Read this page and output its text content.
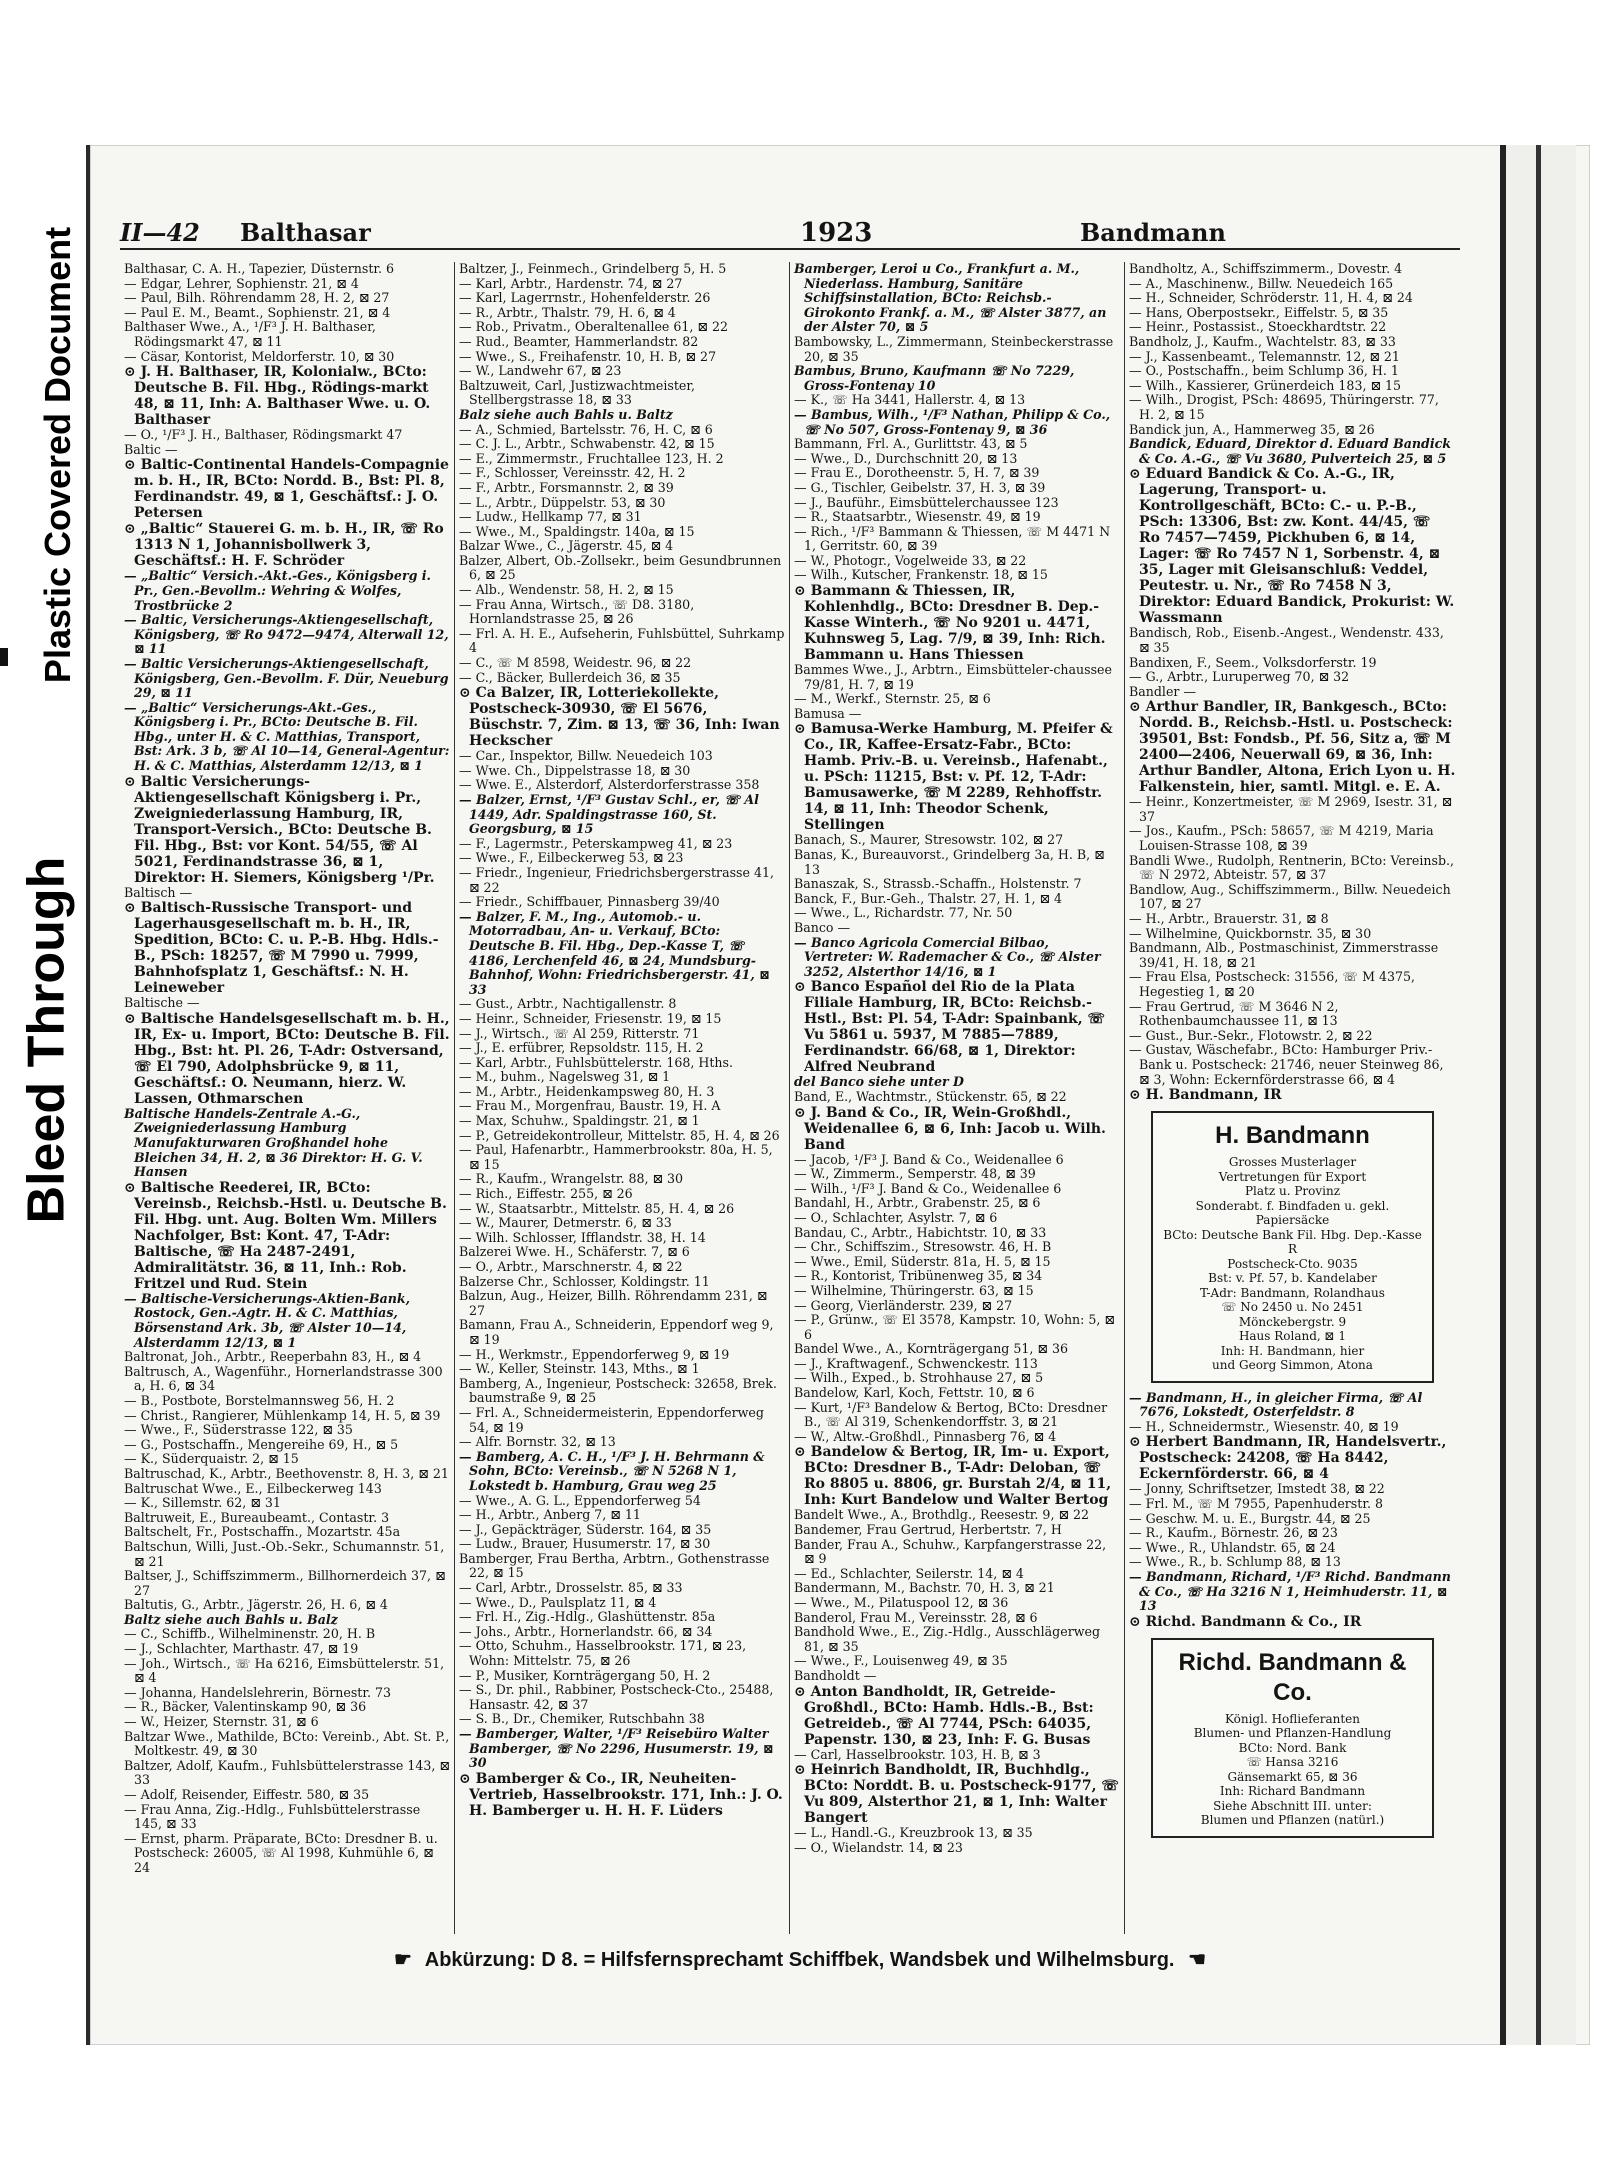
Bleed Through
Plastic Covered Document II—42 Balthasar	1923	Bandmann

Balthasar, C. A. H., Tapezier, Düsternstr. 6

— Edgar, Lehrer, Sophienstr. 21, ⊠ 4

— Paul, Bilh. Röhrendamm 28, H. 2, ⊠ 27

— Paul E. M., Beamt., Sophienstr. 21, ⊠ 4

Balthaser Wwe., A., ¹/F³ J. H. Balthaser, Rödingsmarkt 47, ⊠ 11

— Cäsar, Kontorist, Meldorferstr. 10, ⊠ 30

⊙ J. H. Balthaser, IR, Kolonialw., BCto: Deutsche B. Fil. Hbg., Rödings-markt 48, ⊠ 11, Inh: A. Balthaser Wwe. u. O. Balthaser

— O., ¹/F³ J. H., Balthaser, Rödingsmarkt 47

Baltic —

⊙ Baltic-Continental Handels-Compagnie m. b. H., IR, BCto: Nordd. B., Bst: Pl. 8, Ferdinandstr. 49, ⊠ 1, Geschäftsf.: J. O. Petersen

⊙ „Baltic“ Stauerei G. m. b. H., IR, ☏ Ro 1313 N 1, Johannisbollwerk 3, Geschäftsf.: H. F. Schröder

— „Baltic“ Versich.-Akt.-Ges., Königsberg i. Pr., Gen.-Bevollm.: Wehring & Wolfes, Trostbrücke 2

— Baltic, Versicherungs-Aktiengesellschaft, Königsberg, ☏ Ro 9472—9474, Alterwall 12, ⊠ 11

— Baltic Versicherungs-Aktiengesellschaft, Königsberg, Gen.-Bevollm. F. Dür, Neueburg 29, ⊠ 11

— „Baltic“ Versicherungs-Akt.-Ges., Königsberg i. Pr., BCto: Deutsche B. Fil. Hbg., unter H. & C. Matthias, Transport, Bst: Ark. 3 b, ☏ Al 10—14, General-Agentur: H. & C. Matthias, Alsterdamm 12/13, ⊠ 1

⊙ Baltic Versicherungs-Aktiengesellschaft Königsberg i. Pr., Zweigniederlassung Hamburg, IR, Transport-Versich., BCto: Deutsche B. Fil. Hbg., Bst: vor Kont. 54/55, ☏ Al 5021, Ferdinandstrasse 36, ⊠ 1, Direktor: H. Siemers, Königsberg ¹/Pr.

Baltisch —

⊙ Baltisch-Russische Transport- und Lagerhausgesellschaft m. b. H., IR, Spedition, BCto: C. u. P.-B. Hbg. Hdls.-B., PSch: 18257, ☏ M 7990 u. 7999, Bahnhofsplatz 1, Geschäftsf.: N. H. Leineweber

Baltische —

⊙ Baltische Handelsgesellschaft m. b. H., IR, Ex- u. Import, BCto: Deutsche B. Fil. Hbg., Bst: ht. Pl. 26, T-Adr: Ostversand, ☏ El 790, Adolphsbrücke 9, ⊠ 11, Geschäftsf.: O. Neumann, hierz. W. Lassen, Othmarschen

Baltische Handels-Zentrale A.-G., Zweigniederlassung Hamburg Manufakturwaren Großhandel hohe Bleichen 34, H. 2, ⊠ 36 Direktor: H. G. V. Hansen

⊙ Baltische Reederei, IR, BCto: Vereinsb., Reichsb.-Hstl. u. Deutsche B. Fil. Hbg. unt. Aug. Bolten Wm. Millers Nachfolger, Bst: Kont. 47, T-Adr: Baltische, ☏ Ha 2487-2491, Admiralitätstr. 36, ⊠ 11, Inh.: Rob. Fritzel und Rud. Stein

— Baltische-Versicherungs-Aktien-Bank, Rostock, Gen.-Agtr. H. & C. Matthias, Börsenstand Ark. 3b, ☏ Alster 10—14, Alsterdamm 12/13, ⊠ 1

Baltronat, Joh., Arbtr., Reeperbahn 83, H., ⊠ 4

Baltrusch, A., Wagenführ., Hornerlandstrasse 300 a, H. 6, ⊠ 34

— B., Postbote, Borstelmannsweg 56, H. 2

— Christ., Rangierer, Mühlenkamp 14, H. 5, ⊠ 39

— Wwe., F., Süderstrasse 122, ⊠ 35

— G., Postschaffn., Mengereihe 69, H., ⊠ 5

— K., Süderquaistr. 2, ⊠ 15

Baltruschad, K., Arbtr., Beethovenstr. 8, H. 3, ⊠ 21

Baltruschat Wwe., E., Eilbeckerweg 143

— K., Sillemstr. 62, ⊠ 31

Baltruweit, E., Bureaubeamt., Contastr. 3

Baltschelt, Fr., Postschaffn., Mozartstr. 45a

Baltschun, Willi, Just.-Ob.-Sekr., Schumannstr. 51, ⊠ 21

Baltser, J., Schiffszimmerm., Billhornerdeich 37, ⊠ 27

Baltutis, G., Arbtr., Jägerstr. 26, H. 6, ⊠ 4

Baltz siehe auch Bahls u. Balz

— C., Schiffb., Wilhelminenstr. 20, H. B

— J., Schlachter, Marthastr. 47, ⊠ 19

— Joh., Wirtsch., ☏ Ha 6216, Eimsbüttelerstr. 51, ⊠ 4

— Johanna, Handelslehrerin, Börnestr. 73

— R., Bäcker, Valentinskamp 90, ⊠ 36

— W., Heizer, Sternstr. 31, ⊠ 6

Baltzar Wwe., Mathilde, BCto: Vereinb., Abt. St. P., Moltkestr. 49, ⊠ 30

Baltzer, Adolf, Kaufm., Fuhlsbüttelerstrasse 143, ⊠ 33

— Adolf, Reisender, Eiffestr. 580, ⊠ 35

— Frau Anna, Zig.-Hdlg., Fuhlsbüttelerstrasse 145, ⊠ 33

— Ernst, pharm. Präparate, BCto: Dresdner B. u. Postscheck: 26005, ☏ Al 1998, Kuhmühle 6, ⊠ 24

Baltzer, J., Feinmech., Grindelberg 5, H. 5

— Karl, Arbtr., Hardenstr. 74, ⊠ 27

— Karl, Lagerrnstr., Hohenfelderstr. 26

— R., Arbtr., Thalstr. 79, H. 6, ⊠ 4

— Rob., Privatm., Oberaltenallee 61, ⊠ 22

— Rud., Beamter, Hammerlandstr. 82

— Wwe., S., Freihafenstr. 10, H. B, ⊠ 27

— W., Landwehr 67, ⊠ 23

Baltzuweit, Carl, Justizwachtmeister, Stellbergstrasse 18, ⊠ 33

Balz siehe auch Bahls u. Baltz

— A., Schmied, Bartelsstr. 76, H. C, ⊠ 6

— C. J. L., Arbtr., Schwabenstr. 42, ⊠ 15

— E., Zimmermstr., Fruchtallee 123, H. 2

— F., Schlosser, Vereinsstr. 42, H. 2

— F., Arbtr., Forsmannstr. 2, ⊠ 39

— L., Arbtr., Düppelstr. 53, ⊠ 30

— Ludw., Hellkamp 77, ⊠ 31

— Wwe., M., Spaldingstr. 140a, ⊠ 15

Balzar Wwe., C., Jägerstr. 45, ⊠ 4

Balzer, Albert, Ob.-Zollsekr., beim Gesundbrunnen 6, ⊠ 25

— Alb., Wendenstr. 58, H. 2, ⊠ 15

— Frau Anna, Wirtsch., ☏ D8. 3180, Hornlandstrasse 25, ⊠ 26

— Frl. A. H. E., Aufseherin, Fuhlsbüttel, Suhrkamp 4

— C., ☏ M 8598, Weidestr. 96, ⊠ 22

— C., Bäcker, Bullerdeich 36, ⊠ 35

⊙ Ca Balzer, IR, Lotteriekollekte, Postscheck-30930, ☏ El 5676, Büschstr. 7, Zim. ⊠ 13, ☏ 36, Inh: Iwan Heckscher

— Car., Inspektor, Billw. Neuedeich 103

— Wwe. Ch., Dippelstrasse 18, ⊠ 30

— Wwe. E., Alsterdorf, Alsterdorferstrasse 358

— Balzer, Ernst, ¹/F³ Gustav Schl., er, ☏ Al 1449, Adr. Spaldingstrasse 160, St. Georgsburg, ⊠ 15

— F., Lagermstr., Peterskampweg 41, ⊠ 23

— Wwe., F., Eilbeckerweg 53, ⊠ 23

— Friedr., Ingenieur, Friedrichsbergerstrasse 41, ⊠ 22

— Friedr., Schiffbauer, Pinnasberg 39/40

— Balzer, F. M., Ing., Automob.- u. Motorradbau, An- u. Verkauf, BCto: Deutsche B. Fil. Hbg., Dep.-Kasse T, ☏ 4186, Lerchenfeld 46, ⊠ 24, Mundsburg-Bahnhof, Wohn: Friedrichsbergerstr. 41, ⊠ 33

— Gust., Arbtr., Nachtigallenstr. 8

— Heinr., Schneider, Friesenstr. 19, ⊠ 15

— J., Wirtsch., ☏ Al 259, Ritterstr. 71

— J., E. erfübrer, Repsoldstr. 115, H. 2

— Karl, Arbtr., Fuhlsbüttelerstr. 168, Hths.

— M., buhm., Nagelsweg 31, ⊠ 1

— M., Arbtr., Heidenkampsweg 80, H. 3

— Frau M., Morgenfrau, Baustr. 19, H. A

— Max, Schuhw., Spaldingstr. 21, ⊠ 1

— P., Getreidekontrolleur, Mittelstr. 85, H. 4, ⊠ 26

— Paul, Hafenarbtr., Hammerbrookstr. 80a, H. 5, ⊠ 15

— R., Kaufm., Wrangelstr. 88, ⊠ 30

— Rich., Eiffestr. 255, ⊠ 26

— W., Staatsarbtr., Mittelstr. 85, H. 4, ⊠ 26

— W., Maurer, Detmerstr. 6, ⊠ 33

— Wilh. Schlosser, Ifflandstr. 38, H. 14

Balzerei Wwe. H., Schäferstr. 7, ⊠ 6

— O., Arbtr., Marschnerstr. 4, ⊠ 22

Balzerse Chr., Schlosser, Koldingstr. 11

Balzun, Aug., Heizer, Billh. Röhrendamm 231, ⊠ 27

Bamann, Frau A., Schneiderin, Eppendorf weg 9, ⊠ 19

— H., Werkmstr., Eppendorferweg 9, ⊠ 19

— W., Keller, Steinstr. 143, Mths., ⊠ 1

Bamberg, A., Ingenieur, Postscheck: 32658, Brek. baumstraße 9, ⊠ 25

— Frl. A., Schneidermeisterin, Eppendorferweg 54, ⊠ 19

— Alfr. Bornstr. 32, ⊠ 13

— Bamberg, A. C. H., ¹/F³ J. H. Behrmann & Sohn, BCto: Vereinsb., ☏ N 5268 N 1, Lokstedt b. Hamburg, Grau weg 25

— Wwe., A. G. L., Eppendorferweg 54

— H., Arbtr., Anberg 7, ⊠ 11

— J., Gepäckträger, Süderstr. 164, ⊠ 35

— Ludw., Brauer, Husumerstr. 17, ⊠ 30

Bamberger, Frau Bertha, Arbtrn., Gothenstrasse 22, ⊠ 15

— Carl, Arbtr., Drosselstr. 85, ⊠ 33

— Wwe., D., Paulsplatz 11, ⊠ 4

— Frl. H., Zig.-Hdlg., Glashüttenstr. 85a

— Johs., Arbtr., Hornerlandstr. 66, ⊠ 34

— Otto, Schuhm., Hasselbrookstr. 171, ⊠ 23, Wohn: Mittelstr. 75, ⊠ 26

— P., Musiker, Kornträgergang 50, H. 2

— S., Dr. phil., Rabbiner, Postscheck-Cto., 25488, Hansastr. 42, ⊠ 37

— S. B., Dr., Chemiker, Rutschbahn 38

— Bamberger, Walter, ¹/F³ Reisebüro Walter Bamberger, ☏ No 2296, Husumerstr. 19, ⊠ 30

⊙ Bamberger & Co., IR, Neuheiten-Vertrieb, Hasselbrookstr. 171, Inh.: J. O. H. Bamberger u. H. H. F. Lüders

Bamberger, Leroi u Co., Frankfurt a. M., Niederlass. Hamburg, Sanitäre Schiffsinstallation, BCto: Reichsb.-Girokonto Frankf. a. M., ☏ Alster 3877, an der Alster 70, ⊠ 5

Bambowsky, L., Zimmermann, Steinbeckerstrasse 20, ⊠ 35

Bambus, Bruno, Kaufmann ☏ No 7229, Gross-Fontenay 10

— K., ☏ Ha 3441, Hallerstr. 4, ⊠ 13

— Bambus, Wilh., ¹/F³ Nathan, Philipp & Co., ☏ No 507, Gross-Fontenay 9, ⊠ 36

Bammann, Frl. A., Gurlittstr. 43, ⊠ 5

— Wwe., D., Durchschnitt 20, ⊠ 13

— Frau E., Dorotheenstr. 5, H. 7, ⊠ 39

— G., Tischler, Geibelstr. 37, H. 3, ⊠ 39

— J., Bauführ., Eimsbüttelerchaussee 123

— R., Staatsarbtr., Wiesenstr. 49, ⊠ 19

— Rich., ¹/F³ Bammann & Thiessen, ☏ M 4471 N 1, Gerritstr. 60, ⊠ 39

— W., Photogr., Vogelweide 33, ⊠ 22

— Wilh., Kutscher, Frankenstr. 18, ⊠ 15

⊙ Bammann & Thiessen, IR, Kohlenhdlg., BCto: Dresdner B. Dep.-Kasse Winterh., ☏ No 9201 u. 4471, Kuhnsweg 5, Lag. 7/9, ⊠ 39, Inh: Rich. Bammann u. Hans Thiessen

Bammes Wwe., J., Arbtrn., Eimsbütteler-chaussee 79/81, H. 7, ⊠ 19

— M., Werkf., Sternstr. 25, ⊠ 6

Bamusa —

⊙ Bamusa-Werke Hamburg, M. Pfeifer & Co., IR, Kaffee-Ersatz-Fabr., BCto: Hamb. Priv.-B. u. Vereinsb., Hafenabt., u. PSch: 11215, Bst: v. Pf. 12, T-Adr: Bamusawerke, ☏ M 2289, Rehhoffstr. 14, ⊠ 11, Inh: Theodor Schenk, Stellingen

Banach, S., Maurer, Stresowstr. 102, ⊠ 27

Banas, K., Bureauvorst., Grindelberg 3a, H. B, ⊠ 13

Banaszak, S., Strassb.-Schaffn., Holstenstr. 7

Banck, F., Bur.-Geh., Thalstr. 27, H. 1, ⊠ 4

— Wwe., L., Richardstr. 77, Nr. 50

Banco —

— Banco Agricola Comercial Bilbao, Vertreter: W. Rademacher & Co., ☏ Alster 3252, Alsterthor 14/16, ⊠ 1

⊙ Banco Español del Rio de la Plata Filiale Hamburg, IR, BCto: Reichsb.-Hstl., Bst: Pl. 54, T-Adr: Spainbank, ☏ Vu 5861 u. 5937, M 7885—7889, Ferdinandstr. 66/68, ⊠ 1, Direktor: Alfred Neubrand

del Banco siehe unter D

Band, E., Wachtmstr., Stückenstr. 65, ⊠ 22

⊙ J. Band & Co., IR, Wein-Großhdl., Weidenallee 6, ⊠ 6, Inh: Jacob u. Wilh. Band

— Jacob, ¹/F³ J. Band & Co., Weidenallee 6

— W., Zimmerm., Semperstr. 48, ⊠ 39

— Wilh., ¹/F³ J. Band & Co., Weidenallee 6

Bandahl, H., Arbtr., Grabenstr. 25, ⊠ 6

— O., Schlachter, Asylstr. 7, ⊠ 6

Bandau, C., Arbtr., Habichtstr. 10, ⊠ 33

— Chr., Schiffszim., Stresowstr. 46, H. B

— Wwe., Emil, Süderstr. 81a, H. 5, ⊠ 15

— R., Kontorist, Tribünenweg 35, ⊠ 34

— Wilhelmine, Thüringerstr. 63, ⊠ 15

— Georg, Vierländerstr. 239, ⊠ 27

— P., Grünw., ☏ El 3578, Kampstr. 10, Wohn: 5, ⊠ 6

Bandel Wwe., A., Kornträgergang 51, ⊠ 36

— J., Kraftwagenf., Schwenckestr. 113

— Wilh., Exped., b. Strohhause 27, ⊠ 5

Bandelow, Karl, Koch, Fettstr. 10, ⊠ 6

— Kurt, ¹/F³ Bandelow & Bertog, BCto: Dresdner B., ☏ Al 319, Schenkendorffstr. 3, ⊠ 21

— W., Altw.-Großhdl., Pinnasberg 76, ⊠ 4

⊙ Bandelow & Bertog, IR, Im- u. Export, BCto: Dresdner B., T-Adr: Deloban, ☏ Ro 8805 u. 8806, gr. Burstah 2/4, ⊠ 11, Inh: Kurt Bandelow und Walter Bertog

Bandelt Wwe., A., Brothdlg., Reesestr. 9, ⊠ 22

Bandemer, Frau Gertrud, Herbertstr. 7, H

Bander, Frau A., Schuhw., Karpfangerstrasse 22, ⊠ 9

— Ed., Schlachter, Seilerstr. 14, ⊠ 4

Bandermann, M., Bachstr. 70, H. 3, ⊠ 21

— Wwe., M., Pilatuspool 12, ⊠ 36

Banderol, Frau M., Vereinsstr. 28, ⊠ 6

Bandhold Wwe., E., Zig.-Hdlg., Ausschlägerweg 81, ⊠ 35

— Wwe., F., Louisenweg 49, ⊠ 35

Bandholdt —

⊙ Anton Bandholdt, IR, Getreide-Großhdl., BCto: Hamb. Hdls.-B., Bst: Getreideb., ☏ Al 7744, PSch: 64035, Papenstr. 130, ⊠ 23, Inh: F. G. Busas

— Carl, Hasselbrookstr. 103, H. B, ⊠ 3

⊙ Heinrich Bandholdt, IR, Buchhdlg., BCto: Norddt. B. u. Postscheck-9177, ☏ Vu 809, Alsterthor 21, ⊠ 1, Inh: Walter Bangert

— L., Handl.-G., Kreuzbrook 13, ⊠ 35

— O., Wielandstr. 14, ⊠ 23

Bandholtz, A., Schiffszimmerm., Dovestr. 4

— A., Maschinenw., Billw. Neuedeich 165

— H., Schneider, Schröderstr. 11, H. 4, ⊠ 24

— Hans, Oberpostsekr., Eiffelstr. 5, ⊠ 35

— Heinr., Postassist., Stoeckhardtstr. 22

Bandholz, J., Kaufm., Wachtelstr. 83, ⊠ 33

— J., Kassenbeamt., Telemannstr. 12, ⊠ 21

— O., Postschaffn., beim Schlump 36, H. 1

— Wilh., Kassierer, Grünerdeich 183, ⊠ 15

— Wilh., Drogist, PSch: 48695, Thüringerstr. 77, H. 2, ⊠ 15

Bandick jun, A., Hammerweg 35, ⊠ 26

Bandick, Eduard, Direktor d. Eduard Bandick & Co. A.-G., ☏ Vu 3680, Pulverteich 25, ⊠ 5

⊙ Eduard Bandick & Co. A.-G., IR, Lagerung, Transport- u. Kontrollgeschäft, BCto: C.- u. P.-B., PSch: 13306, Bst: zw. Kont. 44/45, ☏ Ro 7457—7459, Pickhuben 6, ⊠ 14, Lager: ☏ Ro 7457 N 1, Sorbenstr. 4, ⊠ 35, Lager mit Gleisanschluß: Veddel, Peutestr. u. Nr., ☏ Ro 7458 N 3, Direktor: Eduard Bandick, Prokurist: W. Wassmann

Bandisch, Rob., Eisenb.-Angest., Wendenstr. 433, ⊠ 35

Bandixen, F., Seem., Volksdorferstr. 19

— G., Arbtr., Luruperweg 70, ⊠ 32

Bandler —

⊙ Arthur Bandler, IR, Bankgesch., BCto: Nordd. B., Reichsb.-Hstl. u. Postscheck: 39501, Bst: Fondsb., Pf. 56, Sitz a, ☏ M 2400—2406, Neuerwall 69, ⊠ 36, Inh: Arthur Bandler, Altona, Erich Lyon u. H. Falkenstein, hier, samtl. Mitgl. e. E. A.

— Heinr., Konzertmeister, ☏ M 2969, Isestr. 31, ⊠ 37

— Jos., Kaufm., PSch: 58657, ☏ M 4219, Maria Louisen-Strasse 108, ⊠ 39

Bandli Wwe., Rudolph, Rentnerin, BCto: Vereinsb., ☏ N 2972, Abteistr. 57, ⊠ 37

Bandlow, Aug., Schiffszimmerm., Billw. Neuedeich 107, ⊠ 27

— H., Arbtr., Brauerstr. 31, ⊠ 8

— Wilhelmine, Quickbornstr. 35, ⊠ 30

Bandmann, Alb., Postmaschinist, Zimmerstrasse 39/41, H. 18, ⊠ 21

— Frau Elsa, Postscheck: 31556, ☏ M 4375, Hegestieg 1, ⊠ 20

— Frau Gertrud, ☏ M 3646 N 2, Rothenbaumchaussee 11, ⊠ 13

— Gust., Bur.-Sekr., Flotowstr. 2, ⊠ 22

— Gustav, Wäschefabr., BCto: Hamburger Priv.-Bank u. Postscheck: 21746, neuer Steinweg 86, ⊠ 3, Wohn: Eckernförderstrasse 66, ⊠ 4

⊙ H. Bandmann, IR

H. Bandmann
Grosses Musterlager
Vertretungen für Export
Platz u. Provinz
Sonderabt. f. Bindfaden u. gekl. Papiersäcke
BCto: Deutsche Bank Fil. Hbg. Dep.-Kasse R
Postscheck-Cto. 9035
Bst: v. Pf. 57, b. Kandelaber
T-Adr: Bandmann, Rolandhaus
☏ No 2450 u. No 2451
Mönckebergstr. 9
Haus Roland, ⊠ 1
Inh: H. Bandmann, hier
und Georg Simmon, Atona

— Bandmann, H., in gleicher Firma, ☏ Al 7676, Lokstedt, Osterfeldstr. 8

— H., Schneidermstr., Wiesenstr. 40, ⊠ 19

⊙ Herbert Bandmann, IR, Handelsvertr., Postscheck: 24208, ☏ Ha 8442, Eckernförderstr. 66, ⊠ 4

— Jonny, Schriftsetzer, Imstedt 38, ⊠ 22

— Frl. M., ☏ M 7955, Papenhuderstr. 8

— Geschw. M. u. E., Burgstr. 44, ⊠ 25

— R., Kaufm., Börnestr. 26, ⊠ 23

— Wwe., R., Uhlandstr. 65, ⊠ 24

— Wwe., R., b. Schlump 88, ⊠ 13

— Bandmann, Richard, ¹/F³ Richd. Bandmann & Co., ☏ Ha 3216 N 1, Heimhuderstr. 11, ⊠ 13

⊙ Richd. Bandmann & Co., IR

Richd. Bandmann & Co.
Königl. Hoflieferanten
Blumen- und Pflanzen-Handlung
BCto: Nord. Bank
☏ Hansa 3216
Gänsemarkt 65, ⊠ 36
Inh: Richard Bandmann
Siehe Abschnitt III. unter:
Blumen und Pflanzen (natürl.)
☛ Abkürzung: D 8. = Hilfsfernsprechamt Schiffbek, Wandsbek und Wilhelmsburg. ☚
